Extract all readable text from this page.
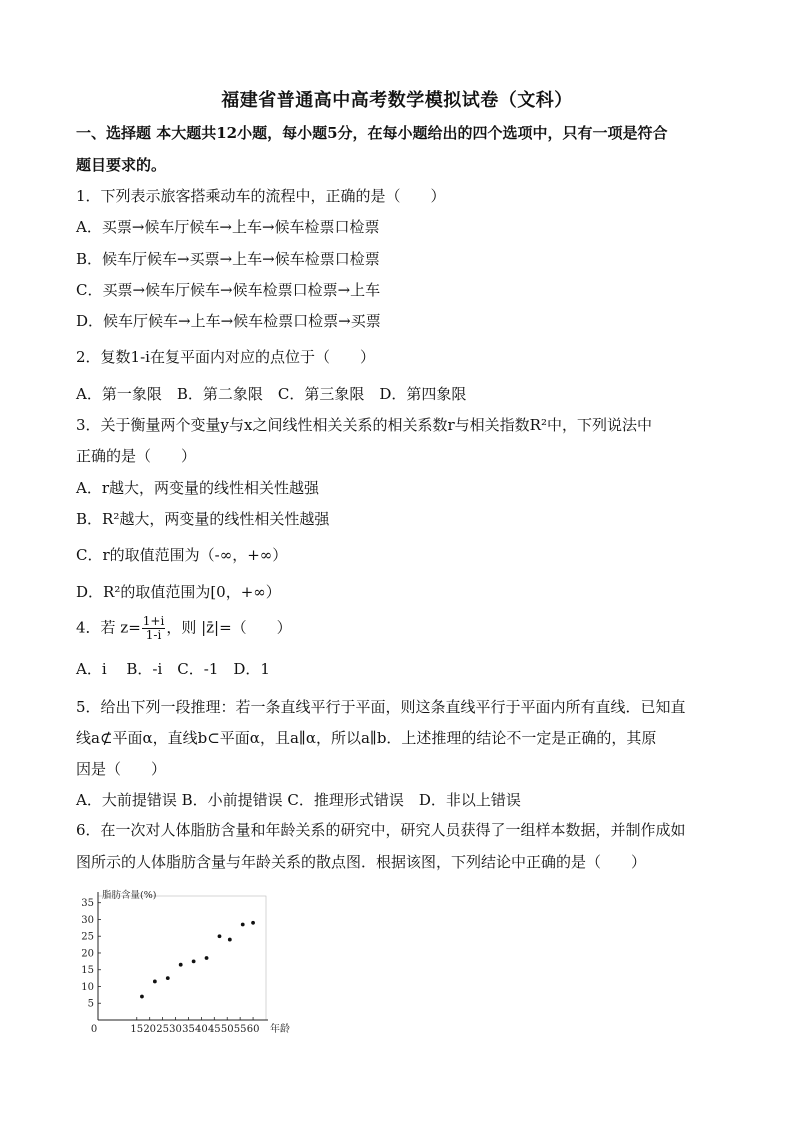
福建省普通高中高考数学模拟试卷（文科）
一、选择题 本大题共12小题，每小题5分，在每小题给出的四个选项中，只有一项是符合
题目要求的。
1．下列表示旅客搭乘动车的流程中，正确的是（　　）
A．买票→候车厅候车→上车→候车检票口检票
B．候车厅候车→买票→上车→候车检票口检票
C．买票→候车厅候车→候车检票口检票→上车
D．候车厅候车→上车→候车检票口检票→买票
2．复数1-i在复平面内对应的点位于（　　）
A．第一象限　B．第二象限　C．第三象限　D．第四象限
3．关于衡量两个变量y与x之间线性相关关系的相关系数r与相关指数R²中，下列说法中
正确的是（　　）
A．r越大，两变量的线性相关性越强
B．R²越大，两变量的线性相关性越强
C．r的取值范围为（-∞，+∞）
D．R²的取值范围为[0，+∞）
4．若 $z= \frac{1+i}{1-i}$ ，则 |z̄|=（　　）
A．i　 B．-i　C．-1　D．1
5．给出下列一段推理：若一条直线平行于平面，则这条直线平行于平面内所有直线．已知直
线a⊄平面α，直线b⊂平面α，且a∥α，所以a∥b．上述推理的结论不一定是正确的，其原
因是（　　）
A．大前提错误 B．小前提错误 C．推理形式错误　D．非以上错误
6．在一次对人体脂肪含量和年龄关系的研究中，研究人员获得了一组样本数据，并制作成如
图所示的人体脂肪含量与年龄关系的散点图．根据该图，下列结论中正确的是（　　）
5
10
15
20
25
30
35
0	15 20 25 30 35 40 45 50 55 60
脂肪含量(%)
年龄
